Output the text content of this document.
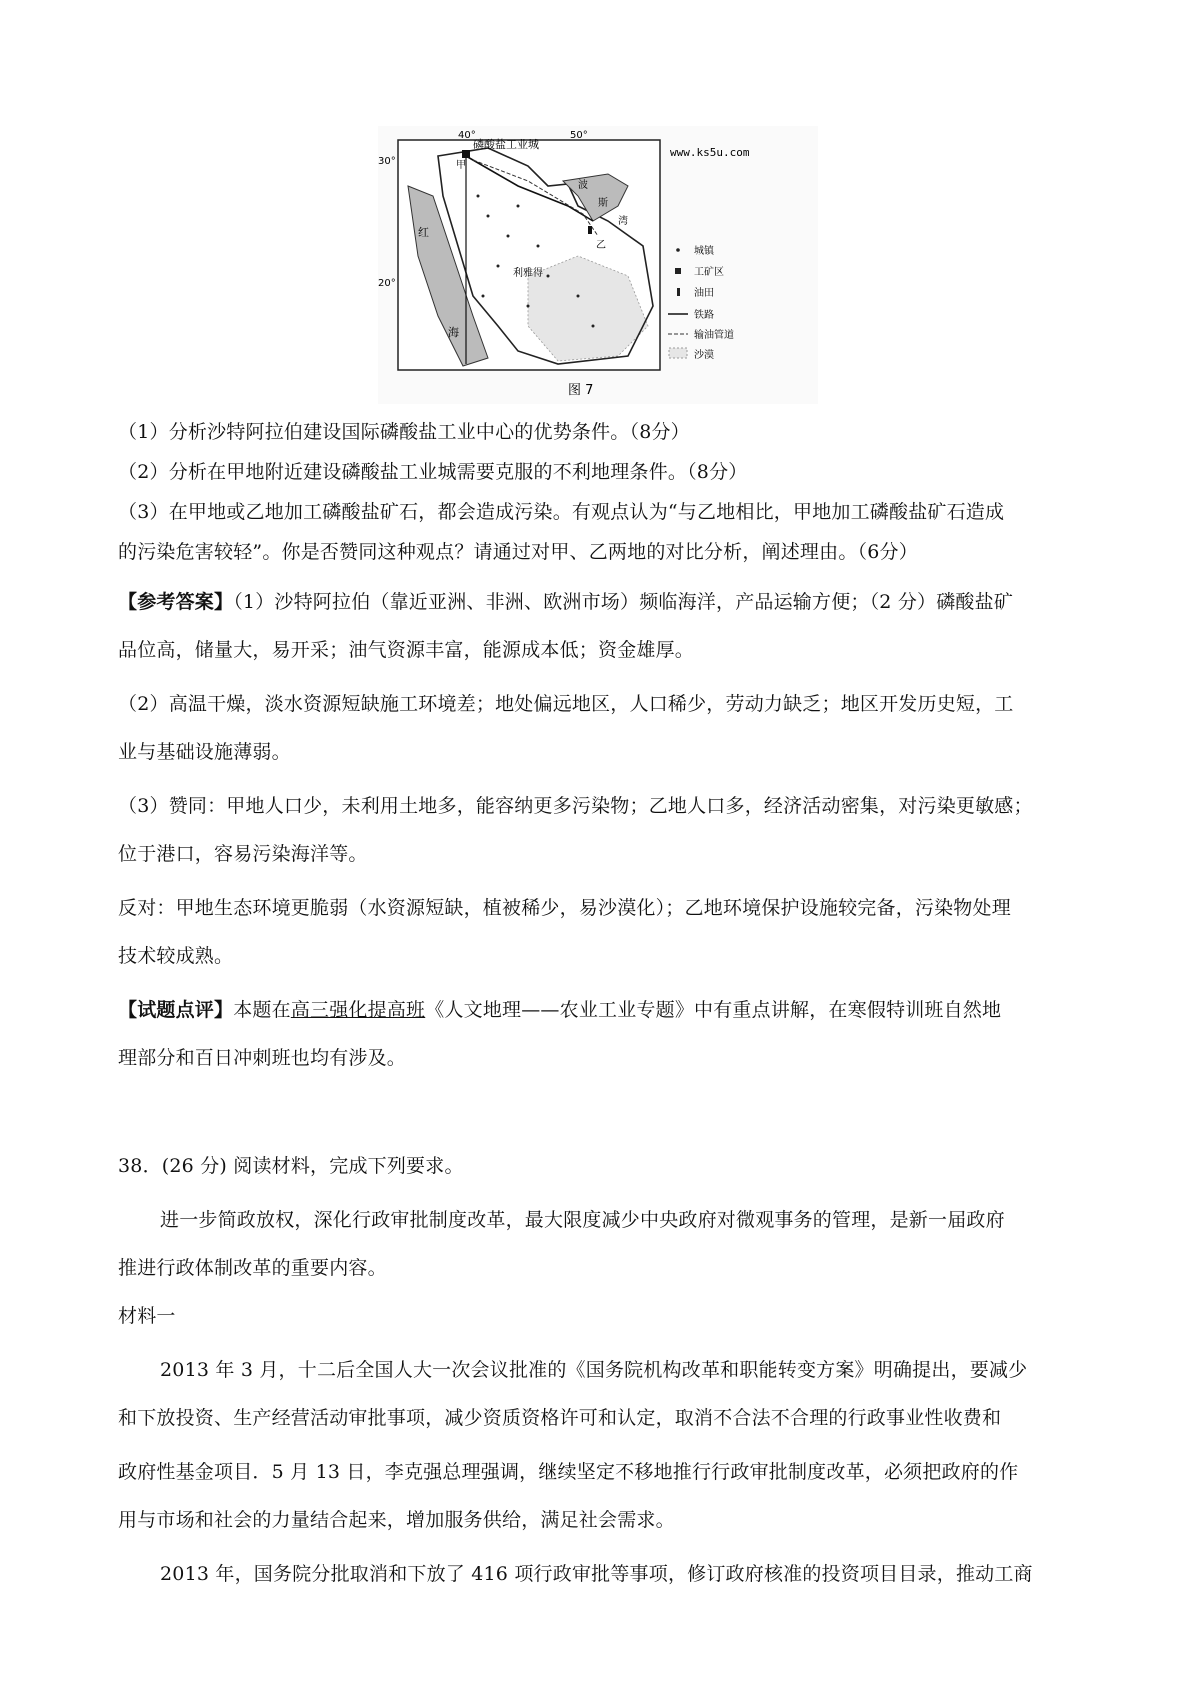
40°	50°
30°
20°
磷酸盐工业城
甲
乙
红
海
波
斯
湾
利雅得
www.ks5u.com
城镇
工矿区
油田
铁路
输油管道
沙漠
图 7
（1）分析沙特阿拉伯建设国际磷酸盐工业中心的优势条件。（8分）
（2）分析在甲地附近建设磷酸盐工业城需要克服的不利地理条件。（8分）
（3）在甲地或乙地加工磷酸盐矿石，都会造成污染。有观点认为“与乙地相比，甲地加工磷酸盐矿石造成
的污染危害较轻”。你是否赞同这种观点？请通过对甲、乙两地的对比分析，阐述理由。（6分）
【参考答案】（1）沙特阿拉伯（靠近亚洲、非洲、欧洲市场）频临海洋，产品运输方便；（2 分）磷酸盐矿
品位高，储量大，易开采；油气资源丰富，能源成本低；资金雄厚。
（2）高温干燥，淡水资源短缺施工环境差；地处偏远地区，人口稀少，劳动力缺乏；地区开发历史短，工
业与基础设施薄弱。
（3）赞同：甲地人口少，未利用土地多，能容纳更多污染物；乙地人口多，经济活动密集，对污染更敏感；
位于港口，容易污染海洋等。
反对：甲地生态环境更脆弱（水资源短缺，植被稀少，易沙漠化）；乙地环境保护设施较完备，污染物处理
技术较成熟。
【试题点评】本题在高三强化提高班《人文地理——农业工业专题》中有重点讲解，在寒假特训班自然地
理部分和百日冲刺班也均有涉及。
38．(26 分) 阅读材料，完成下列要求。
进一步简政放权，深化行政审批制度改革，最大限度减少中央政府对微观事务的管理，是新一届政府
推进行政体制改革的重要内容。
材料一
2013 年 3 月，十二后全国人大一次会议批准的《国务院机构改革和职能转变方案》明确提出，要减少
和下放投资、生产经营活动审批事项，减少资质资格许可和认定，取消不合法不合理的行政事业性收费和
政府性基金项目．5 月 13 日，李克强总理强调，继续坚定不移地推行行政审批制度改革，必须把政府的作
用与市场和社会的力量结合起来，增加服务供给，满足社会需求。
2013 年，国务院分批取消和下放了 416 项行政审批等事项，修订政府核准的投资项目目录，推动工商
